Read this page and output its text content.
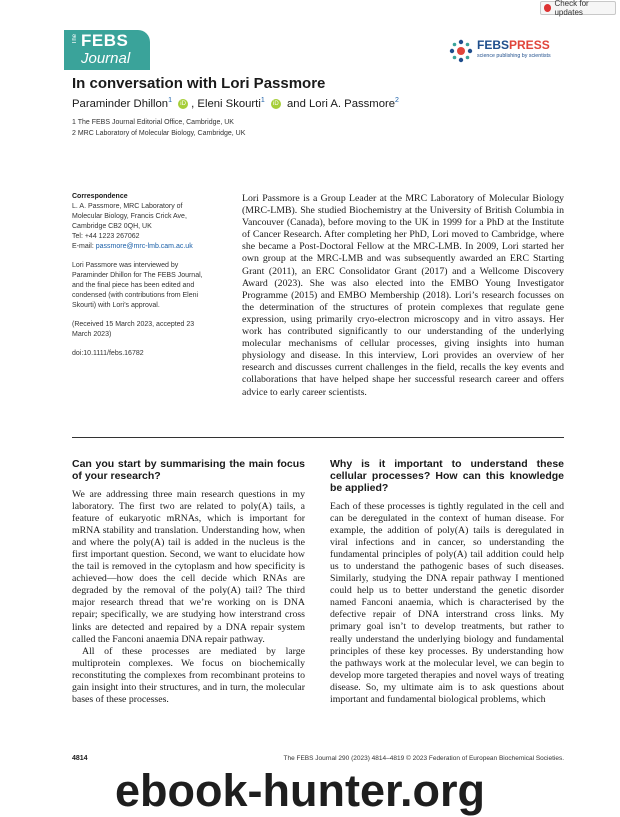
Check for updates
The FEBS
Journal
FEBSPRESS
science publishing by scientists
In conversation with Lori Passmore
Paraminder Dhillon$^1$ iD , Eleni Skourti$^1$ iD and Lori A. Passmore$^2$
1 The FEBS Journal Editorial Office, Cambridge, UK
2 MRC Laboratory of Molecular Biology, Cambridge, UK

Correspondence
L. A. Passmore, MRC Laboratory of
Molecular Biology, Francis Crick Ave,
Cambridge CB2 0QH, UK
Tel: +44 1223 267062
E-mail: passmore@mrc-lmb.cam.ac.uk

Lori Passmore was interviewed by
Paraminder Dhillon for The FEBS Journal,
and the final piece has been edited and
condensed (with contributions from Eleni
Skourti) with Lori’s approval.

(Received 15 March 2023, accepted 23
March 2023)

doi:10.1111/febs.16782

Lori Passmore is a Group Leader at the MRC Laboratory of Molecular Biology (MRC-LMB). She studied Biochemistry at the University of British Columbia in Vancouver (Canada), before moving to the UK in 1999 for a PhD at the Institute of Cancer Research. After completing her PhD, Lori moved to Cambridge, where she became a Post-Doctoral Fellow at the MRC-LMB. In 2009, Lori started her own group at the MRC-LMB and was subsequently awarded an ERC Starting Grant (2011), an ERC Consolidator Grant (2017) and a Wellcome Discovery Award (2023). She was also elected into the EMBO Young Investigator Programme (2015) and EMBO Membership (2018). Lori’s research focusses on the determination of the structures of protein complexes that regulate gene expression, using primarily cryo-electron microscopy and in vitro assays. Her work has contributed significantly to our understanding of the underlying molecular mechanisms of cellular processes, giving insights into human physiology and disease. In this interview, Lori provides an overview of her research and discusses current challenges in the field, recalls the key events and collaborations that have helped shape her successful research career and offers advice to early career scientists.

Can you start by summarising the main focus of your research?

We are addressing three main research questions in my laboratory. The first two are related to poly(A) tails, a feature of eukaryotic mRNAs, which is important for mRNA stability and translation. Understanding how, when and where the poly(A) tail is added in the nucleus is the first important question. Second, we want to elucidate how the tail is removed in the cytoplasm and how specificity is achieved—how does the cell decide which RNAs are degraded by the removal of the poly(A) tail? The third major research thread that we’re working on is DNA repair; specifically, we are studying how interstrand cross links are detected and repaired by a DNA repair system called the Fanconi anaemia DNA repair pathway.

All of these processes are mediated by large multiprotein complexes. We focus on biochemically reconstituting the complexes from recombinant proteins to gain insight into their structures, and in turn, the molecular bases of these processes.

Why is it important to understand these cellular processes? How can this knowledge be applied?

Each of these processes is tightly regulated in the cell and can be deregulated in the context of human disease. For example, the addition of poly(A) tails is deregulated in viral infections and in cancer, so understanding the fundamental principles of poly(A) tail addition could help us to understand the pathogenic bases of such diseases. Similarly, studying the DNA repair pathway I mentioned could help us to better understand the genetic disorder named Fanconi anaemia, which is characterised by the defective repair of DNA interstrand cross links. My primary goal isn’t to develop treatments, but rather to really understand the underlying biology and fundamental principles of these key processes. By understanding how the pathways work at the molecular level, we can begin to develop more targeted therapies and novel ways of treating disease. So, my ultimate aim is to ask questions about important and fundamental biological problems, which

4814	The FEBS Journal 290 (2023) 4814–4819 © 2023 Federation of European Biochemical Societies.
ebook-hunter.org
